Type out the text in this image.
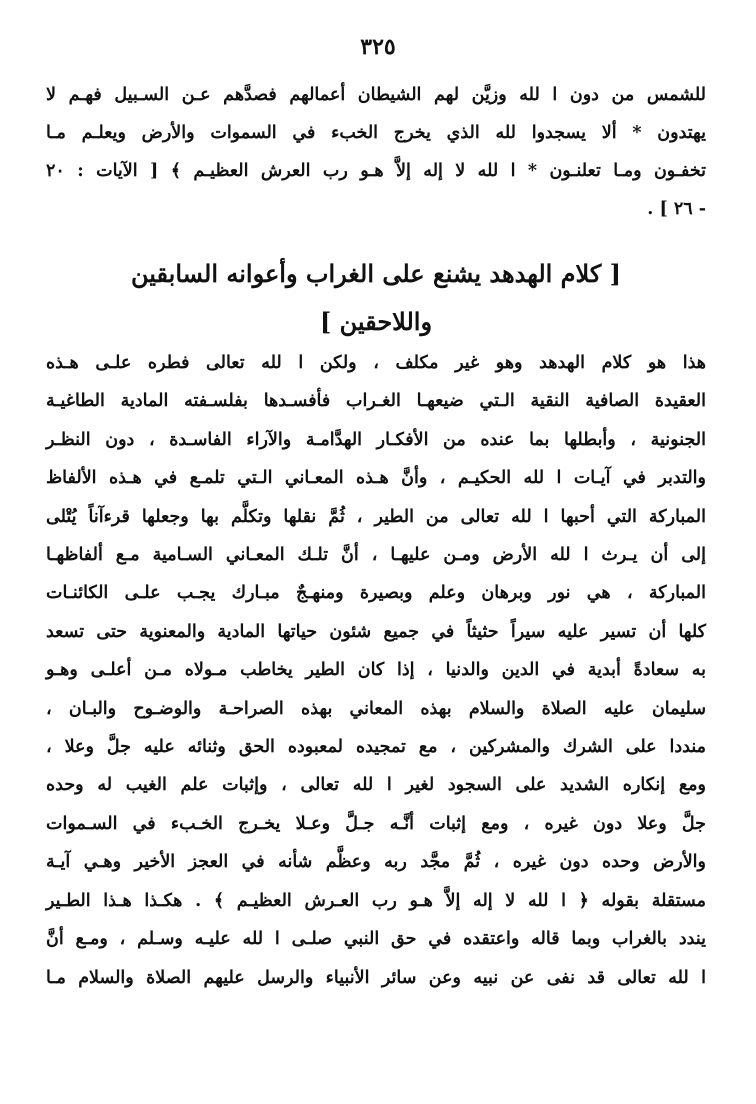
٣٢٥
للشمس من دون ا لله وزيَّن لهم الشيطان أعمالهم فصدَّهم عـن السـبيل فهـم لا
يهتدون * ألا يسجدوا لله الذي يخرج الخبء في السموات والأرض ويعلـم مـا
تخفـون ومـا تعلنـون * ا لله لا إله إلاَّ هـو رب العرش العظيـم ﴾ [ الآيات : ٢٠
- ٢٦ ] .
[ كلام الهدهد يشنع على الغراب وأعوانه السابقين
واللاحقين ]
هذا هو كلام الهدهد وهو غير مكلف ، ولكن ا لله تعالى فطره علـى هـذه
العقيدة الصافية النقية الـتي ضيعهـا الغـراب فأفسـدها بفلسـفته المادية الطاغيـة
الجنونية ، وأبطلها بما عنده من الأفكـار الهدَّامـة والآراء الفاسـدة ، دون النظـر
والتدبر في آيـات ا لله الحكيـم ، وأنَّ هـذه المعـاني الـتي تلمـع في هـذه الألفاظ
المباركة التي أحبها ا لله تعالى من الطير ، ثُمَّ نقلها وتكلَّم بها وجعلها قرءآناً يُتْلى
إلى أن يـرث ا لله الأرض ومـن عليهـا ، أنَّ تلـك المعـاني السـامية مـع ألفاظهـا
المباركة ، هي نور وبرهان وعلم وبصيرة ومنهـجٌ مبـارك يجـب علـى الكائنـات
كلها أن تسير عليه سيراً حثيثاً في جميع شئون حياتها المادية والمعنوية حتى تسعد
به سعادةً أبدية في الدين والدنيا ، إذا كان الطير يخاطب مـولاه مـن أعلـى وهـو
سليمان عليه الصلاة والسلام بهذه المعاني بهذه الصراحـة والوضـوح والبـان ،
منددا على الشرك والمشركين ، مع تمجيده لمعبوده الحق وثنائه عليه جلَّ وعلا ،
ومع إنكاره الشديد على السجود لغير ا لله تعالى ، وإثبات علم الغيب له وحده
جلَّ وعلا دون غيره ، ومع إثبات أنَّـه جـلَّ وعـلا يخـرج الخـبء في السـموات
والأرض وحده دون غيره ، ثُمَّ مجَّد ربه وعظَّم شأنه في العجز الأخير وهـي آيـة
مستقلة بقوله ﴿ ا لله لا إله إلاَّ هـو رب العـرش العظيـم ﴾ . هكـذا هـذا الطـير
يندد بالغراب وبما قاله واعتقده في حق النبي صلـى ا لله عليـه وسـلم ، ومـع أنَّ
ا لله تعالى قد نفى عن نبيه وعن سائر الأنبياء والرسل عليهم الصلاة والسلام مـا
